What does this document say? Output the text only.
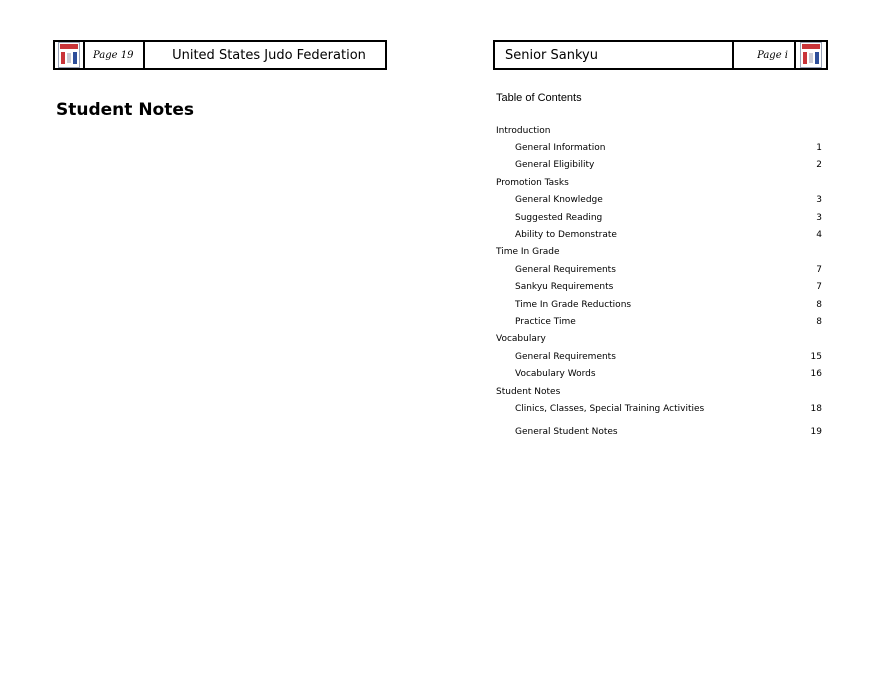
Page 19	United States Judo Federation
Student Notes
Senior Sankyu	Page i
Table of Contents
Introduction
General Information	1
General Eligibility	2
Promotion Tasks
General Knowledge	3
Suggested Reading	3
Ability to Demonstrate	4
Time In Grade
General Requirements	7
Sankyu Requirements	7
Time In Grade Reductions	8
Practice Time	8
Vocabulary
General Requirements	15
Vocabulary Words	16
Student Notes
Clinics, Classes, Special Training Activities	18
General Student Notes	19
